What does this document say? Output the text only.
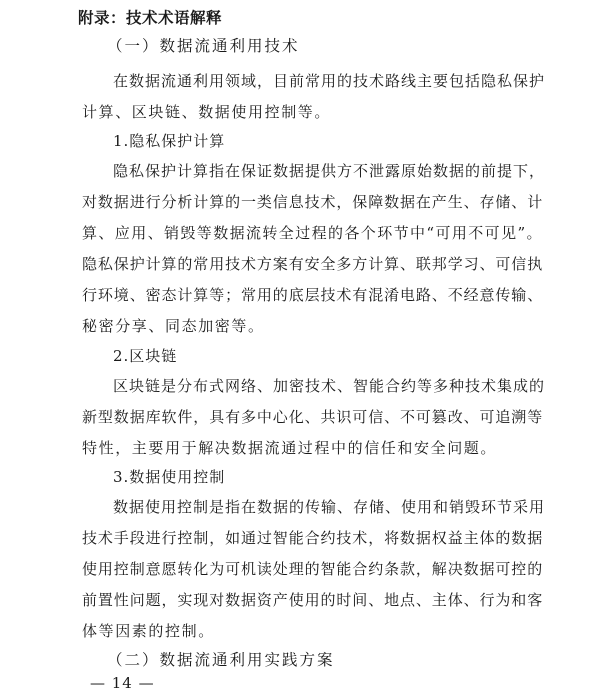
附录：技术术语解释
（一）数据流通利用技术
在数据流通利用领域，目前常用的技术路线主要包括隐私保护
计算、区块链、数据使用控制等。
1.隐私保护计算
隐私保护计算指在保证数据提供方不泄露原始数据的前提下，
对数据进行分析计算的一类信息技术，保障数据在产生、存储、计
算、应用、销毁等数据流转全过程的各个环节中“可用不可见”。
隐私保护计算的常用技术方案有安全多方计算、联邦学习、可信执
行环境、密态计算等；常用的底层技术有混淆电路、不经意传输、
秘密分享、同态加密等。
2.区块链
区块链是分布式网络、加密技术、智能合约等多种技术集成的
新型数据库软件，具有多中心化、共识可信、不可篡改、可追溯等
特性，主要用于解决数据流通过程中的信任和安全问题。
3.数据使用控制
数据使用控制是指在数据的传输、存储、使用和销毁环节采用
技术手段进行控制，如通过智能合约技术，将数据权益主体的数据
使用控制意愿转化为可机读处理的智能合约条款，解决数据可控的
前置性问题，实现对数据资产使用的时间、地点、主体、行为和客
体等因素的控制。
（二）数据流通利用实践方案
— 14 —
